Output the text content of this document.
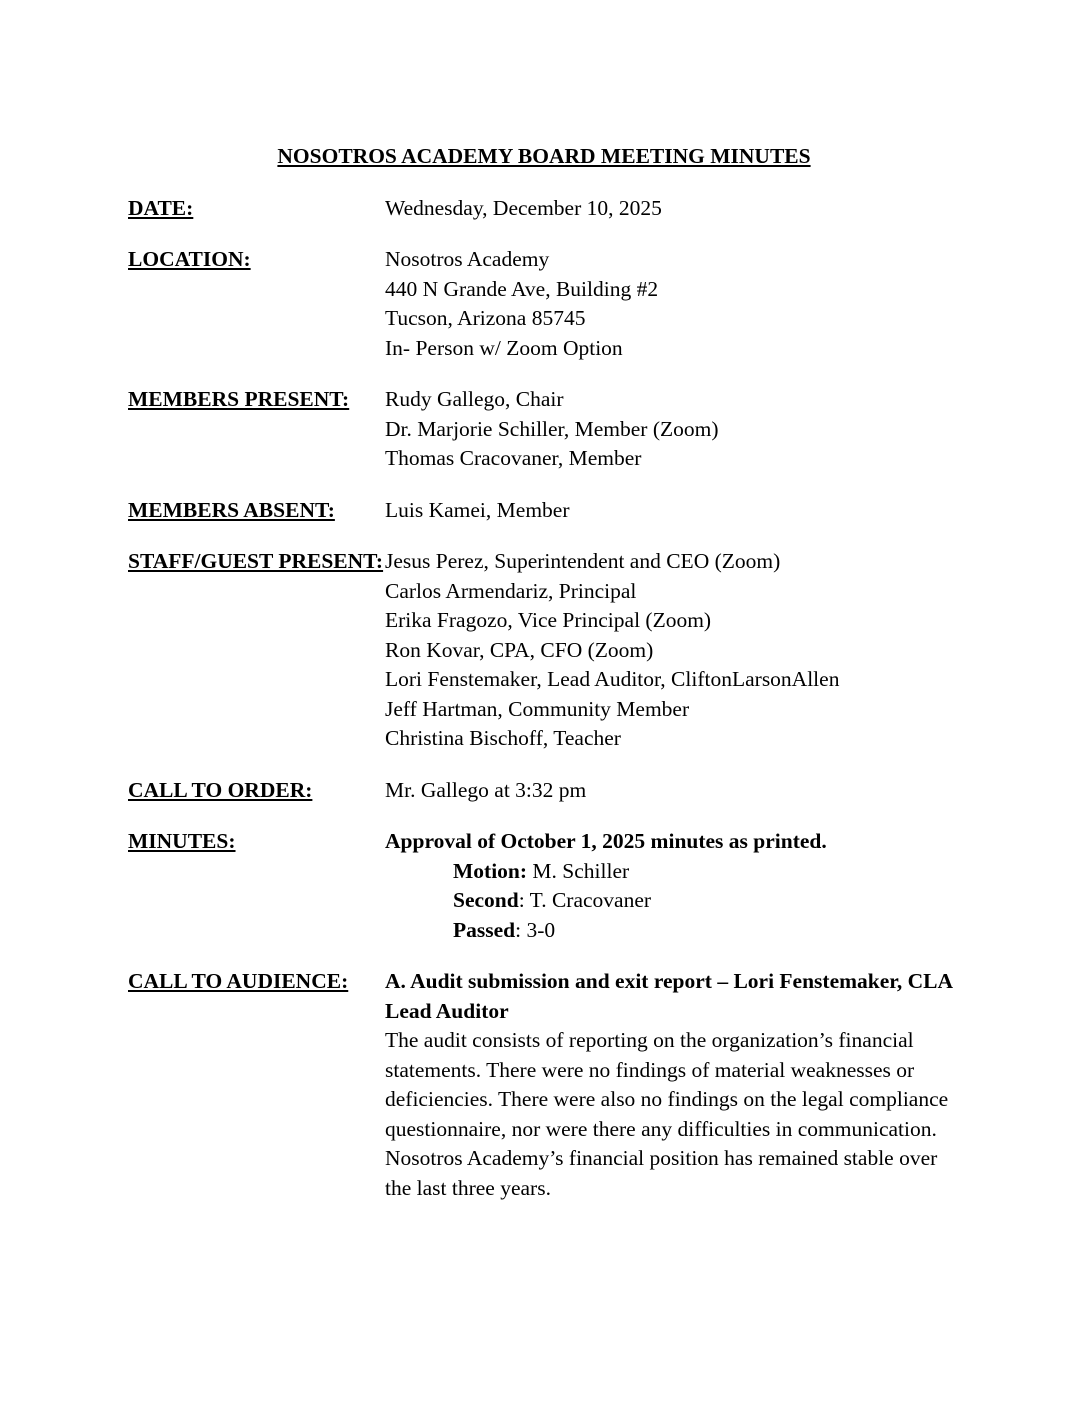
NOSOTROS ACADEMY BOARD MEETING MINUTES

DATE:	Wednesday, December 10, 2025
LOCATION:	Nosotros Academy
440 N Grande Ave, Building #2
Tucson, Arizona 85745
In- Person w/ Zoom Option
MEMBERS PRESENT:	Rudy Gallego, Chair
Dr. Marjorie Schiller, Member (Zoom)
Thomas Cracovaner, Member
MEMBERS ABSENT:	Luis Kamei, Member
STAFF/GUEST PRESENT: Jesus Perez, Superintendent and CEO (Zoom)
Carlos Armendariz, Principal
Erika Fragozo, Vice Principal (Zoom)
Ron Kovar, CPA, CFO (Zoom)
Lori Fenstemaker, Lead Auditor, CliftonLarsonAllen
Jeff Hartman, Community Member
Christina Bischoff, Teacher
CALL TO ORDER:	Mr. Gallego at 3:32 pm
MINUTES:	Approval of October 1, 2025 minutes as printed.
Motion: M. Schiller
Second: T. Cracovaner
Passed: 3-0
CALL TO AUDIENCE:	A. Audit submission and exit report – Lori Fenstemaker, CLA Lead Auditor
The audit consists of reporting on the organization’s financial statements. There were no findings of material weaknesses or deficiencies. There were also no findings on the legal compliance questionnaire, nor were there any difficulties in communication. Nosotros Academy’s financial position has remained stable over the last three years.
